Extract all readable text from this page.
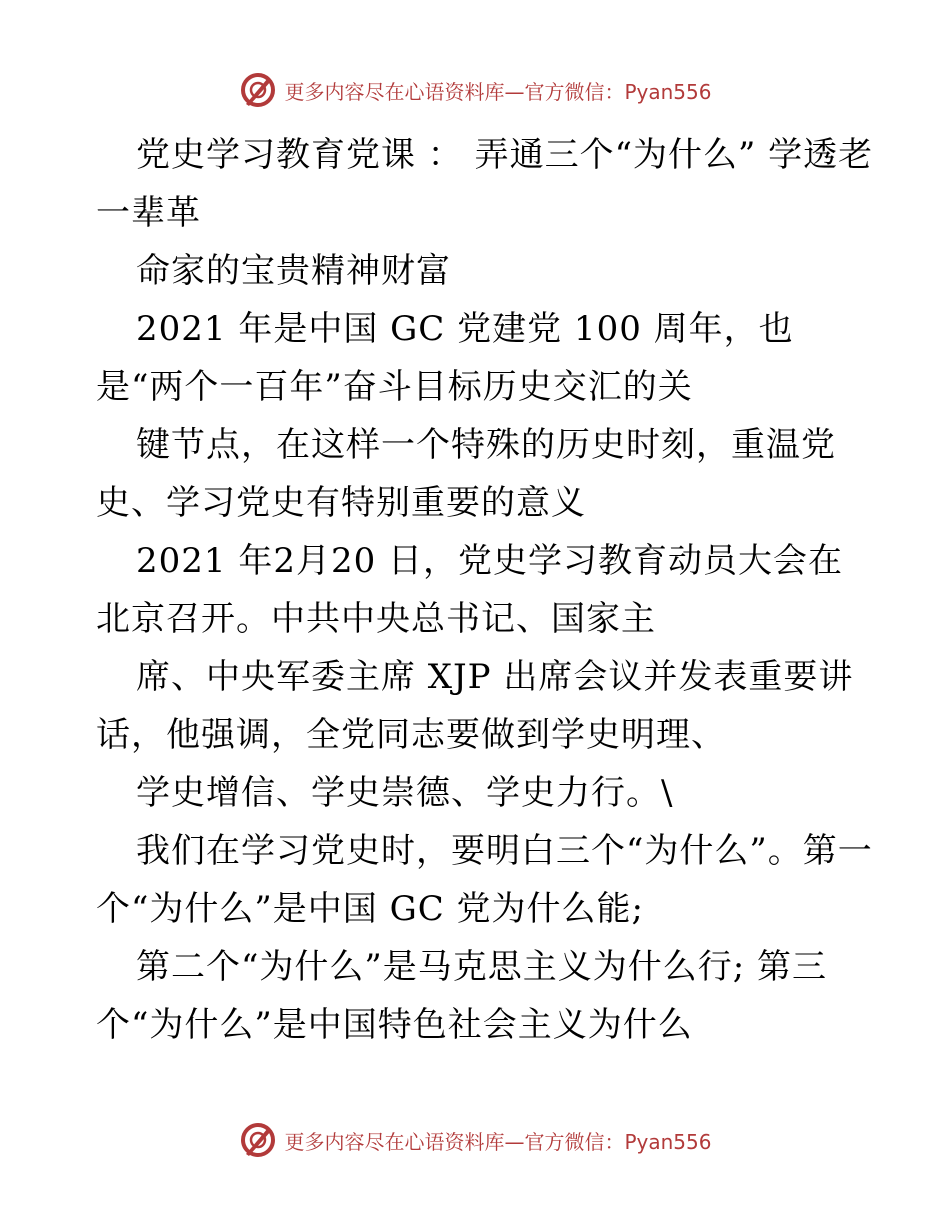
更多内容尽在心语资料库—官方微信：Pyan556

党史学习教育党课 ： 弄通三个“为什么” 学透老一辈革

命家的宝贵精神财富

2021 年是中国 GC 党建党 100 周年，也是“两个一百年”奋斗目标历史交汇的关

键节点，在这样一个特殊的历史时刻，重温党史、学习党史有特别重要的意义

2021 年2月20 日，党史学习教育动员大会在北京召开。中共中央总书记、国家主

席、中央军委主席 XJP 出席会议并发表重要讲话，他强调，全党同志要做到学史明理、

学史增信、学史崇德、学史力行。\

我们在学习党史时，要明白三个“为什么”。第一个“为什么”是中国 GC 党为什么能;

第二个“为什么”是马克思主义为什么行; 第三个“为什么”是中国特色社会主义为什么

更多内容尽在心语资料库—官方微信：Pyan556
